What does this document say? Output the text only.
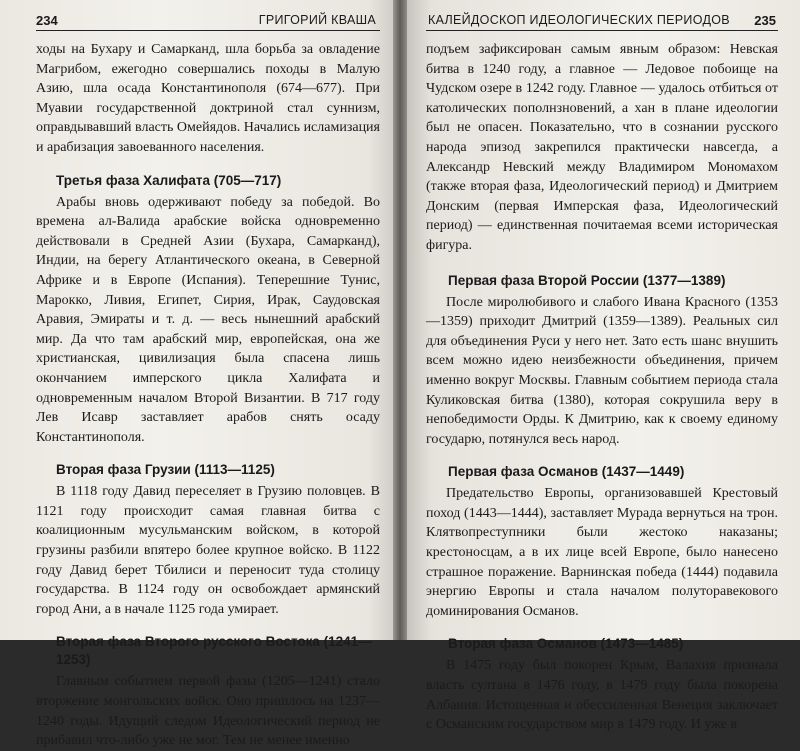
234	ГРИГОРИЙ КВАША

ходы на Бухару и Самарканд, шла борьба за овладение Магрибом, ежегодно совершались походы в Малую Азию, шла осада Константинополя (674—677). При Муавии государственной доктриной стал суннизм, оправдывавший власть Омейядов. Начались исламизация и арабизация завоеванного населения.

Третья фаза Халифата (705—717)

Арабы вновь одерживают победу за победой. Во времена ал-Валида арабские войска одновременно действовали в Средней Азии (Бухара, Самарканд), Индии, на берегу Атлантического океана, в Северной Африке и в Европе (Испания). Теперешние Тунис, Марокко, Ливия, Египет, Сирия, Ирак, Саудовская Аравия, Эмираты и т. д. — весь нынешний арабский мир. Да что там арабский мир, европейская, она же христианская, цивилизация была спасена лишь окончанием имперского цикла Халифата и одновременным началом Второй Византии. В 717 году Лев Исавр заставляет арабов снять осаду Константинополя.

Вторая фаза Грузии (1113—1125)

В 1118 году Давид переселяет в Грузию половцев. В 1121 году происходит самая главная битва с коалиционным мусульманским войском, в которой грузины разбили впятеро более крупное войско. В 1122 году Давид берет Тбилиси и переносит туда столицу государства. В 1124 году он освобождает армянский город Ани, а в начале 1125 года умирает.

Вторая фаза Второго русского Востока (1241—1253)

Главным событием первой фазы (1205—1241) стало вторжение монгольских войск. Оно пришлось на 1237—1240 годы. Идущий следом Идеологический период не прибавил что-либо уже не мог. Тем не менее именно

КАЛЕЙДОСКОП ИДЕОЛОГИЧЕСКИХ ПЕРИОДОВ 235

подъем зафиксирован самым явным образом: Невская битва в 1240 году, а главное — Ледовое побоище на Чудском озере в 1242 году. Главное — удалось отбиться от католических пополнзновений, а хан в плане идеологии был не опасен. Показательно, что в сознании русского народа эпизод закрепился практически навсегда, а Александр Невский между Владимиром Мономахом (также вторая фаза, Идеологический период) и Дмитрием Донским (первая Имперская фаза, Идеологический период) — единственная почитаемая всеми историческая фигура.

Первая фаза Второй России (1377—1389)

После миролюбивого и слабого Ивана Красного (1353—1359) приходит Дмитрий (1359—1389). Реальных сил для объединения Руси у него нет. Зато есть шанс внушить всем можно идею неизбежности объединения, причем именно вокруг Москвы. Главным событием периода стала Куликовская битва (1380), которая сокрушила веру в непобедимости Орды. К Дмитрию, как к своему единому государю, потянулся весь народ.

Первая фаза Османов (1437—1449)

Предательство Европы, организовавшей Крестовый поход (1443—1444), заставляет Мурада вернуться на трон. Клятвопреступники были жестоко наказаны; крестоносцам, а в их лице всей Европе, было нанесено страшное поражение. Варнинская победа (1444) подавила энергию Европы и стала началом полуторавекового доминирования Османов.

Вторая фаза Османов (1473—1485)

В 1475 году был покорен Крым, Валахия признала власть султана в 1476 году, в 1479 году была покорена Албания. Истощенная и обессиленная Венеция заключает с Османским государством мир в 1479 году. И уже в
